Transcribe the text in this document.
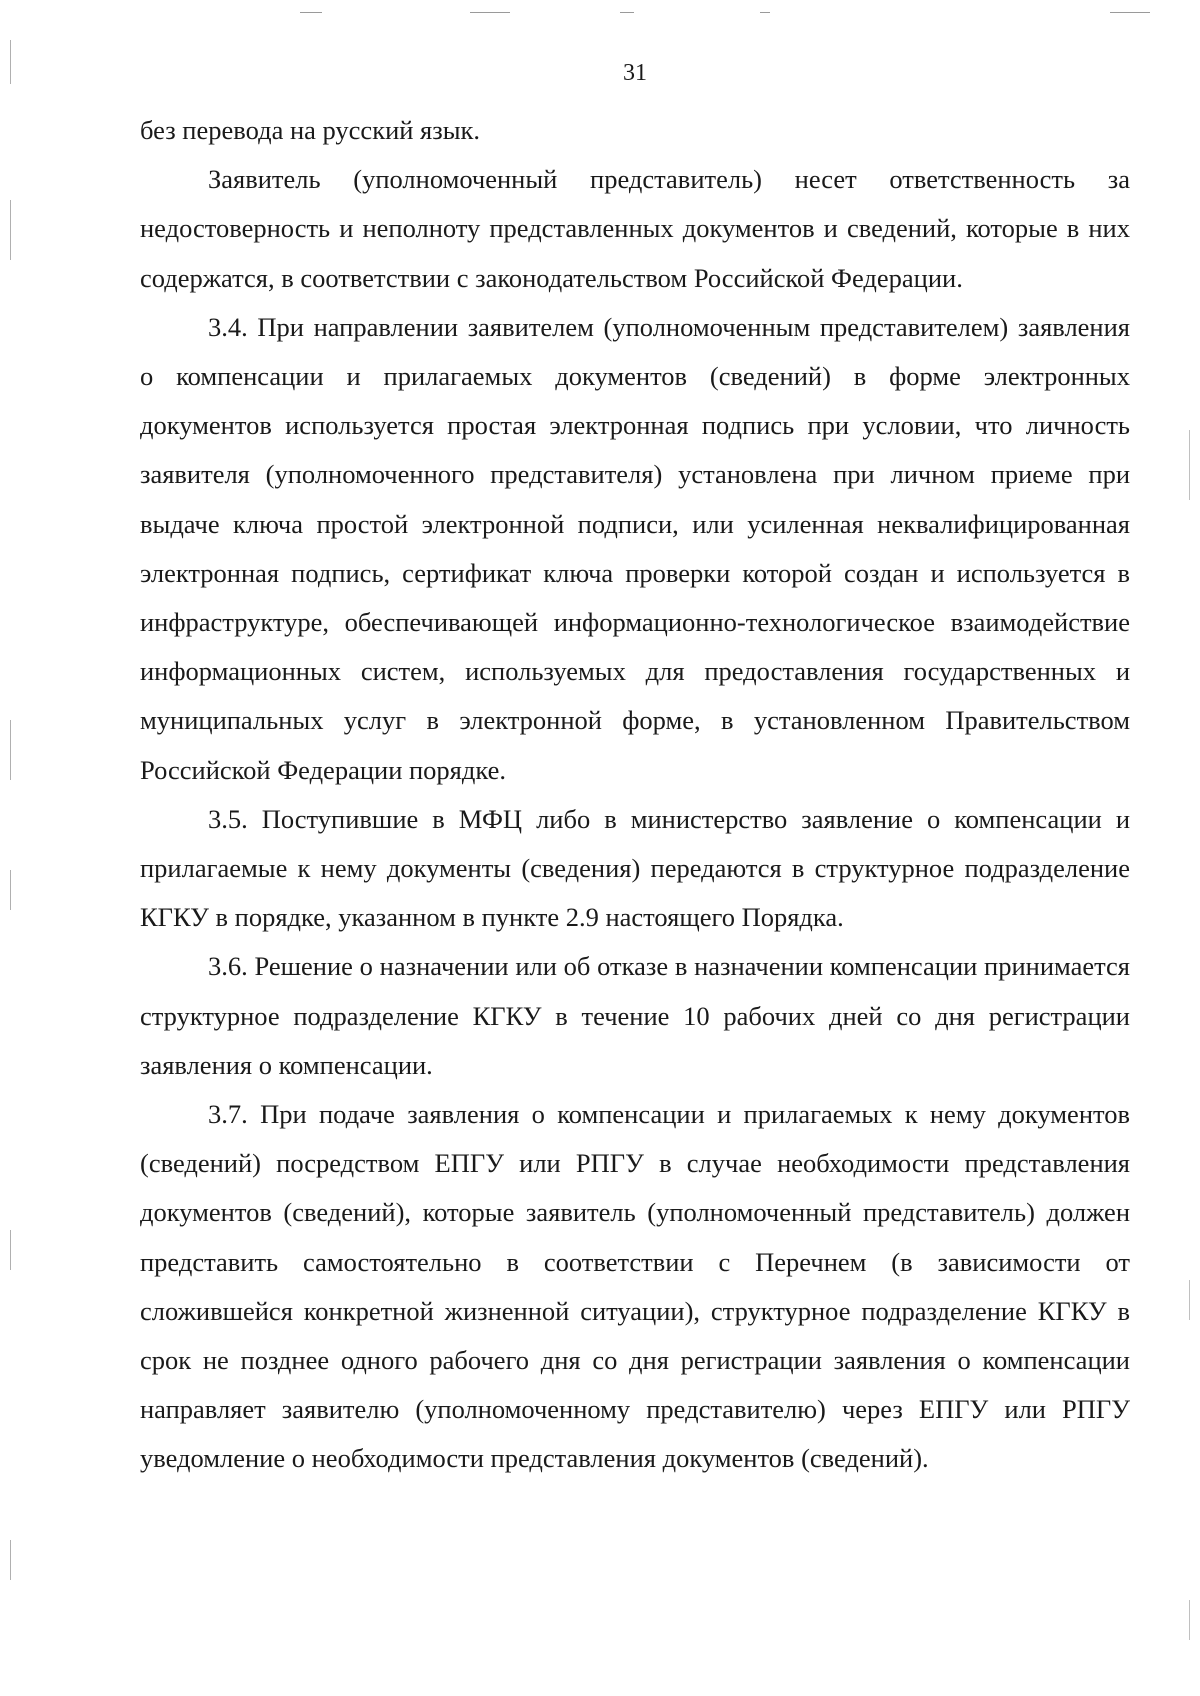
31

без перевода на русский язык.

Заявитель (уполномоченный представитель) несет ответственность за недостоверность и неполноту представленных документов и сведений, которые в них содержатся, в соответствии с законодательством Российской Федерации.

3.4. При направлении заявителем (уполномоченным представителем) заявления о компенсации и прилагаемых документов (сведений) в форме электронных документов используется простая электронная подпись при условии, что личность заявителя (уполномоченного представителя) установлена при личном приеме при выдаче ключа простой электронной подписи, или усиленная неквалифицированная электронная подпись, сертификат ключа проверки которой создан и используется в инфраструктуре, обеспечивающей информационно-технологическое взаимодействие информационных систем, используемых для предоставления государственных и муниципальных услуг в электронной форме, в установленном Правительством Российской Федерации порядке.

3.5. Поступившие в МФЦ либо в министерство заявление о компенсации и прилагаемые к нему документы (сведения) передаются в структурное подразделение КГКУ в порядке, указанном в пункте 2.9 настоящего Порядка.

3.6. Решение о назначении или об отказе в назначении компенсации принимается структурное подразделение КГКУ в течение 10 рабочих дней со дня регистрации заявления о компенсации.

3.7. При подаче заявления о компенсации и прилагаемых к нему документов (сведений) посредством ЕПГУ или РПГУ в случае необходимости представления документов (сведений), которые заявитель (уполномоченный представитель) должен представить самостоятельно в соответствии с Перечнем (в зависимости от сложившейся конкретной жизненной ситуации), структурное подразделение КГКУ в срок не позднее одного рабочего дня со дня регистрации заявления о компенсации направляет заявителю (уполномоченному представителю) через ЕПГУ или РПГУ уведомление о необходимости представления документов (сведений).
